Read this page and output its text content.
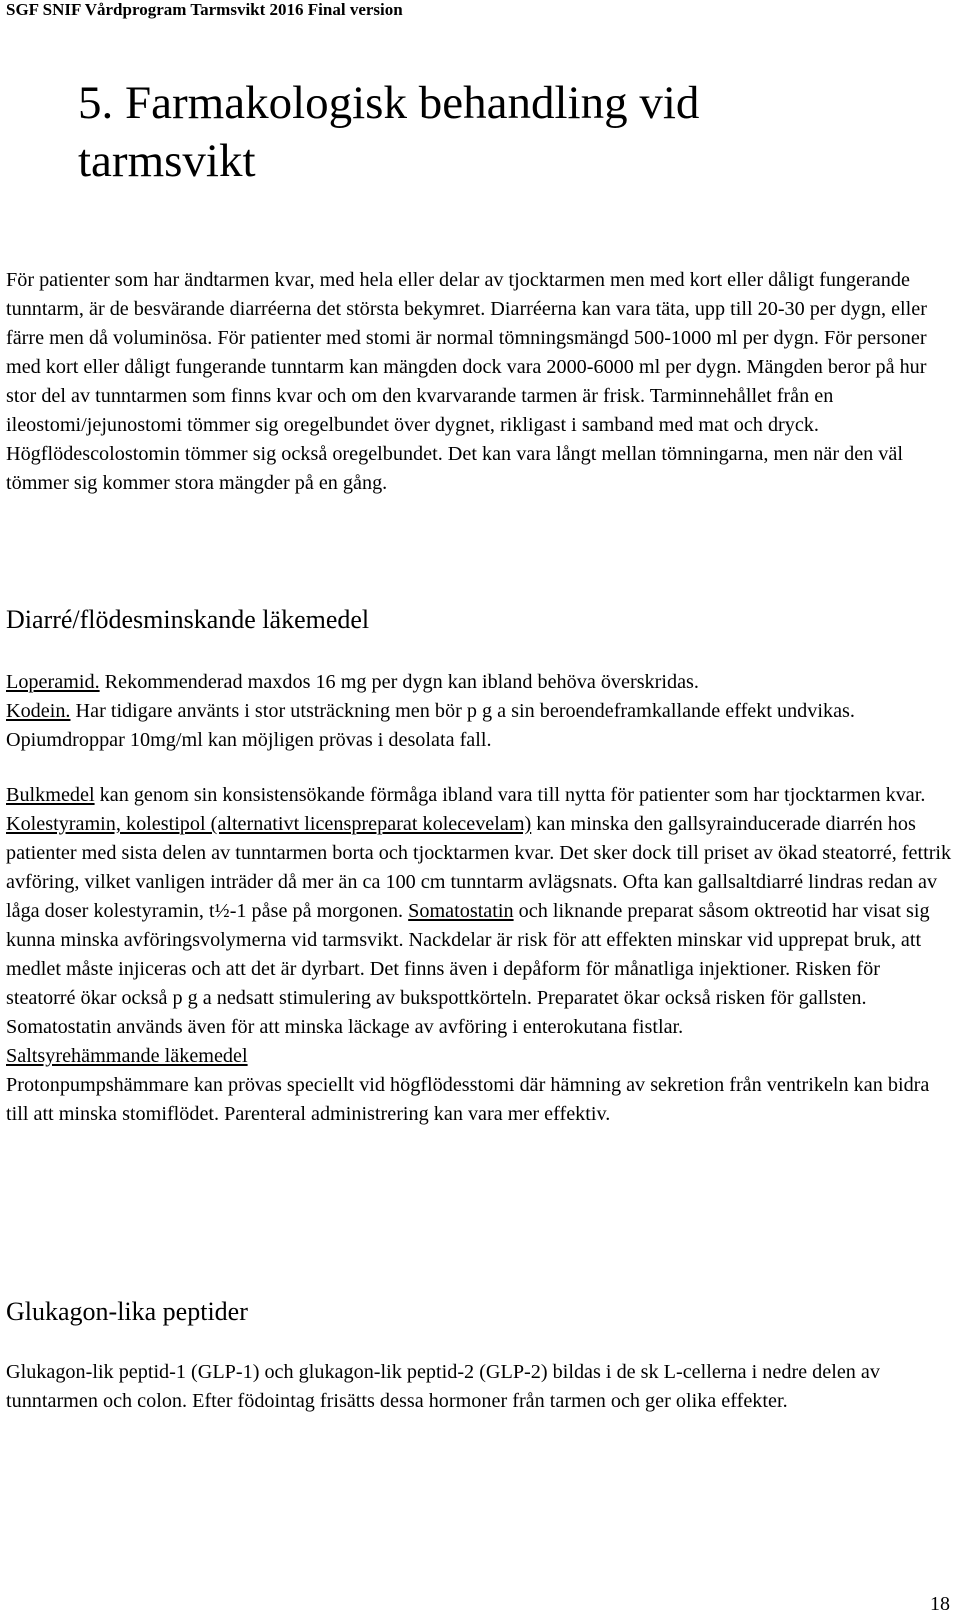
SGF SNIF Vårdprogram Tarmsvikt 2016 Final version
5. Farmakologisk behandling vid tarmsvikt

För patienter som har ändtarmen kvar, med hela eller delar av tjocktarmen men med kort eller dåligt fungerande tunntarm, är de besvärande diarréerna det största bekymret. Diarréerna kan vara täta, upp till 20-30 per dygn, eller färre men då voluminösa. För patienter med stomi är normal tömningsmängd 500-1000 ml per dygn. För personer med kort eller dåligt fungerande tunntarm kan mängden dock vara 2000-6000 ml per dygn. Mängden beror på hur stor del av tunntarmen som finns kvar och om den kvarvarande tarmen är frisk. Tarminnehållet från en ileostomi/jejunostomi tömmer sig oregelbundet över dygnet, rikligast i samband med mat och dryck. Högflödescolostomin tömmer sig också oregelbundet. Det kan vara långt mellan tömningarna, men när den väl tömmer sig kommer stora mängder på en gång.

Diarré/flödesminskande läkemedel

Loperamid. Rekommenderad maxdos 16 mg per dygn kan ibland behöva överskridas.
Kodein. Har tidigare använts i stor utsträckning men bör p g a sin beroendeframkallande effekt undvikas. Opiumdroppar 10mg/ml kan möjligen prövas i desolata fall.

Bulkmedel kan genom sin konsistensökande förmåga ibland vara till nytta för patienter som har tjocktarmen kvar.
Kolestyramin, kolestipol (alternativt licenspreparat kolecevelam) kan minska den gallsyrainducerade diarrén hos patienter med sista delen av tunntarmen borta och tjocktarmen kvar. Det sker dock till priset av ökad steatorré, fettrik avföring, vilket vanligen inträder då mer än ca 100 cm tunntarm avlägsnats. Ofta kan gallsaltdiarré lindras redan av låga doser kolestyramin, t½-1 påse på morgonen. Somatostatin och liknande preparat såsom oktreotid har visat sig kunna minska avföringsvolymerna vid tarmsvikt. Nackdelar är risk för att effekten minskar vid upprepat bruk, att medlet måste injiceras och att det är dyrbart. Det finns även i depåform för månatliga injektioner. Risken för steatorré ökar också p g a nedsatt stimulering av bukspottkörteln. Preparatet ökar också risken för gallsten. Somatostatin används även för att minska läckage av avföring i enterokutana fistlar.
Saltsyrehämmande läkemedel
Protonpumpshämmare kan prövas speciellt vid högflödesstomi där hämning av sekretion från ventrikeln kan bidra till att minska stomiflödet. Parenteral administrering kan vara mer effektiv.

Glukagon-lika peptider

Glukagon-lik peptid-1 (GLP-1) och glukagon-lik peptid-2 (GLP-2) bildas i de sk L-cellerna i nedre delen av tunntarmen och colon. Efter födointag frisätts dessa hormoner från tarmen och ger olika effekter.

18
